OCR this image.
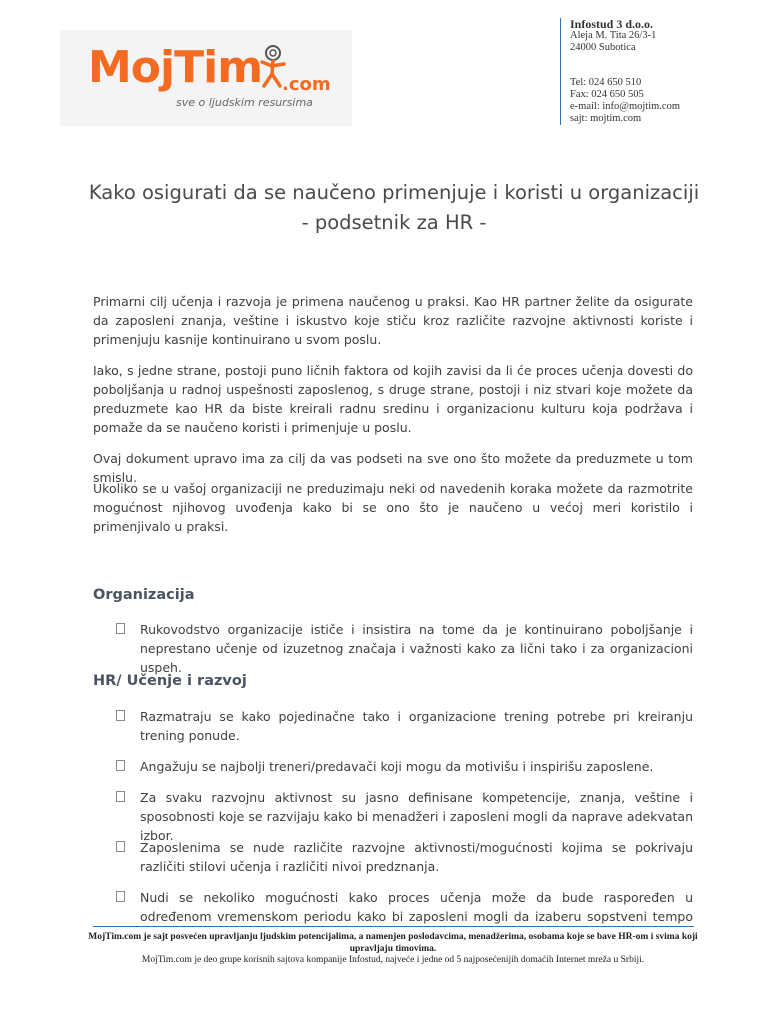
MojTim .com
sve o ljudskim resursima
Infostud 3 d.o.o.
Aleja M. Tita 26/3-1
24000 Subotica
Tel: 024 650 510
Fax: 024 650 505
e-mail: info@mojtim.com
sajt: mojtim.com
Kako osigurati da se naučeno primenjuje i koristi u organizaciji
- podsetnik za HR -

Primarni cilj učenja i razvoja je primena naučenog u praksi. Kao HR partner želite da osigurate da zaposleni znanja, veštine i iskustvo koje stiču kroz različite razvojne aktivnosti koriste i primenjuju kasnije kontinuirano u svom poslu.

Iako, s jedne strane, postoji puno ličnih faktora od kojih zavisi da li će proces učenja dovesti do poboljšanja u radnoj uspešnosti zaposlenog, s druge strane, postoji i niz stvari koje možete da preduzmete kao HR da biste kreirali radnu sredinu i organizacionu kulturu koja podržava i pomaže da se naučeno koristi i primenjuje u poslu.

Ovaj dokument upravo ima za cilj da vas podseti na sve ono što možete da preduzmete u tom smislu.

Ukoliko se u vašoj organizaciji ne preduzimaju neki od navedenih koraka možete da razmotrite mogućnost njihovog uvođenja kako bi se ono što je naučeno u većoj meri koristilo i primenjivalo u praksi.

Organizacija
Rukovodstvo organizacije ističe i insistira na tome da je kontinuirano poboljšanje i neprestano učenje od izuzetnog značaja i važnosti kako za lični tako i za organizacioni uspeh.
HR/ Učenje i razvoj
Razmatraju se kako pojedinačne tako i organizacione trening potrebe pri kreiranju trening ponude.
Angažuju se najbolji treneri/predavači koji mogu da motivišu i inspirišu zaposlene.
Za svaku razvojnu aktivnost su jasno definisane kompetencije, znanja, veštine i sposobnosti koje se razvijaju kako bi menadžeri i zaposleni mogli da naprave adekvatan izbor.
Zaposlenima se nude različite razvojne aktivnosti/mogućnosti kojima se pokrivaju različiti stilovi učenja i različiti nivoi predznanja.
Nudi se nekoliko mogućnosti kako proces učenja može da bude raspoređen u određenom vremenskom periodu kako bi zaposleni mogli da izaberu sopstveni tempo
MojTim.com je sajt posvećen upravljanju ljudskim potencijalima, a namenjen poslodavcima, menadžerima, osobama koje se bave HR-om i svima koji upravljaju timovima.
MojTim.com je deo grupe korisnih sajtova kompanije Infostud, najveće i jedne od 5 najposećenijih domaćih Internet mreža u Srbiji.
